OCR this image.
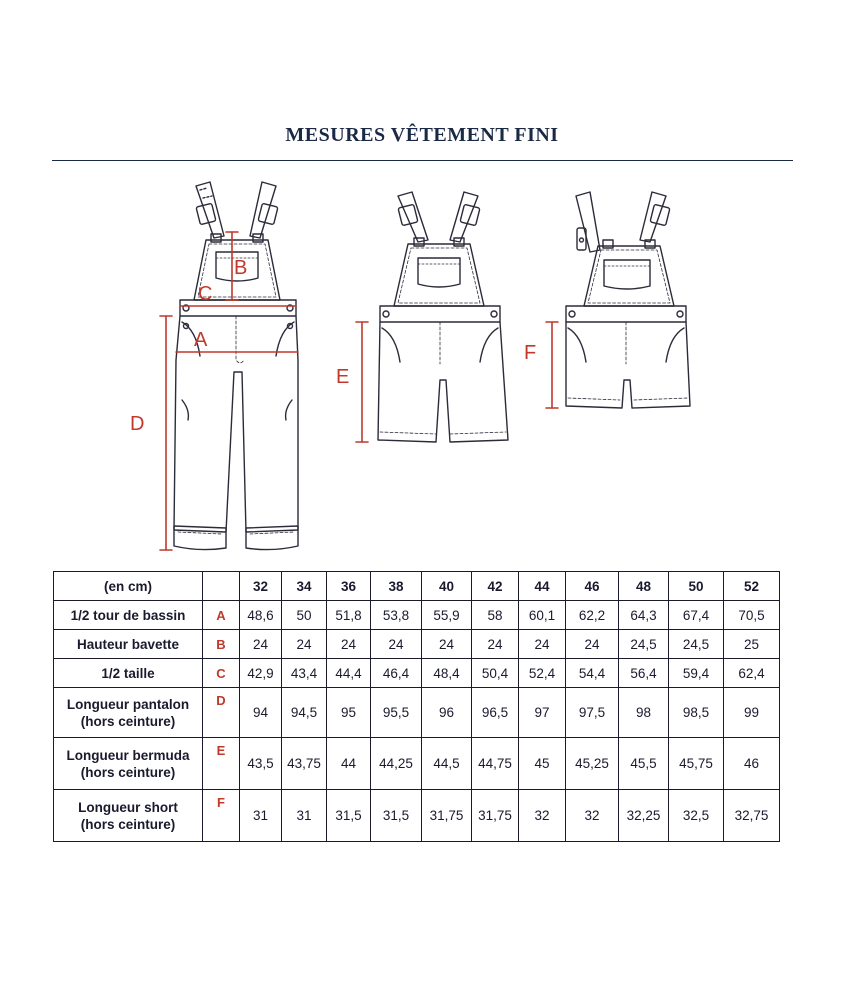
MESURES VÊTEMENT FINI
B
C
A
D
E
F
(en cm)		32	34	36	38	40	42	44	46	48	50	52
1/2 tour de bassin	A	48,6	50	51,8	53,8	55,9	58	60,1	62,2	64,3	67,4	70,5
Hauteur bavette	B	24	24	24	24	24	24	24	24	24,5	24,5	25
1/2 taille	C	42,9	43,4	44,4	46,4	48,4	50,4	52,4	54,4	56,4	59,4	62,4
Longueur pantalon
(hors ceinture)	D	94	94,5	95	95,5	96	96,5	97	97,5	98	98,5	99
Longueur bermuda
(hors ceinture)	E	43,5	43,75	44	44,25	44,5	44,75	45	45,25	45,5	45,75	46
Longueur short
(hors ceinture)	F	31	31	31,5	31,5	31,75	31,75	32	32	32,25	32,5	32,75
